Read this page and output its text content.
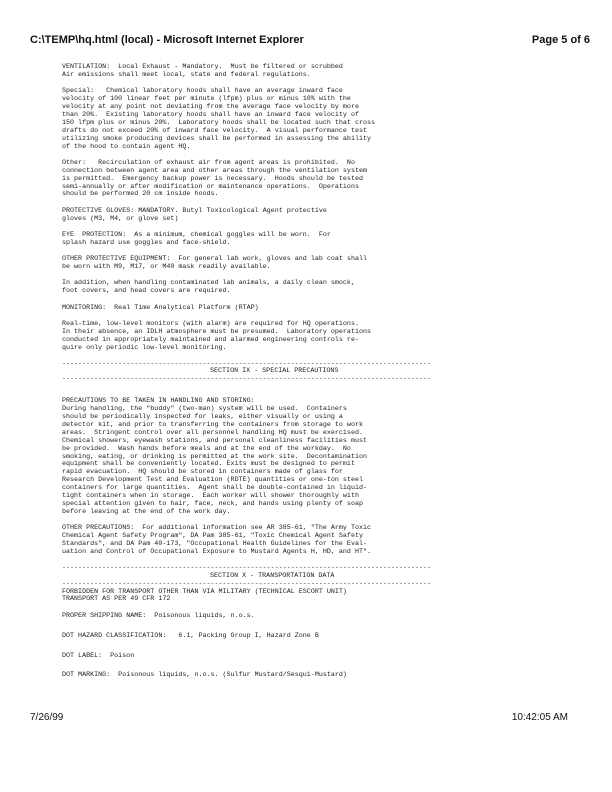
C:\TEMP\hq.html (local) - Microsoft Internet Explorer	Page 5 of 6

VENTILATION:  Local Exhaust - Mandatory.  Must be filtered or scrubbed
Air emissions shall meet local, state and federal regulations.

Special:   Chemical laboratory hoods shall have an average inward face
velocity of 100 linear feet per minute (lfpm) plus or minus 10% with the
velocity at any point not deviating from the average face velocity by more
than 20%.  Existing laboratory hoods shall have an inward face velocity of
150 lfpm plus or minus 20%.  Laboratory hoods shall be located such that cross
drafts do not exceed 20% of inward face velocity.  A visual performance test
utilizing smoke producing devices shall be performed in assessing the ability
of the hood to contain agent HQ.

Other:   Recirculation of exhaust air from agent areas is prohibited.  No
connection between agent area and other areas through the ventilation system
is permitted.  Emergency backup power is necessary.  Hoods should be tested
semi-annually or after modification or maintenance operations.  Operations
should be performed 20 cm inside hoods.

PROTECTIVE GLOVES: MANDATORY. Butyl Toxicological Agent protective
gloves (M3, M4, or glove set)

EYE  PROTECTION:  As a minimum, chemical goggles will be worn.  For
splash hazard use goggles and face-shield.

OTHER PROTECTIVE EQUIPMENT:  For general lab work, gloves and lab coat shall
be worn with M9, M17, or M40 mask readily available.

In addition, when handling contaminated lab animals, a daily clean smock,
foot covers, and head covers are required.

MONITORING:  Real Time Analytical Platform (RTAP)

Real-time, low-level monitors (with alarm) are required for HQ operations.
In their absence, an IDLH atmosphere must be presumed.  Laboratory operations
conducted in appropriately maintained and alarmed engineering controls re-
quire only periodic low-level monitoring.

--------------------------------------------------------------------------------------------
SECTION IX - SPECIAL PRECAUTIONS
--------------------------------------------------------------------------------------------

PRECAUTIONS TO BE TAKEN IN HANDLING AND STORING:
During handling, the "buddy" (two-man) system will be used.  Containers
should be periodically inspected for leaks, either visually or using a
detector kit, and prior to transferring the containers from storage to work
areas.  Stringent control over all personnel handling HQ must be exercised.
Chemical showers, eyewash stations, and personal cleanliness facilities must
be provided.  Wash hands before meals and at the end of the workday.  No
smoking, eating, or drinking is permitted at the work site.  Decontamination
equipment shall be conveniently located. Exits must be designed to permit
rapid evacuation.  HQ should be stored in containers made of glass for
Research Development Test and Evaluation (RDTE) quantities or one-ton steel
containers for large quantities.  Agent shall be double-contained in liquid-
tight containers when in storage.  Each worker will shower thoroughly with
special attention given to hair, face, neck, and hands using plenty of soap
before leaving at the end of the work day.

OTHER PRECAUTIONS:  For additional information see AR 385-61, "The Army Toxic
Chemical Agent Safety Program", DA Pam 385-61, "Toxic Chemical Agent Safety
Standards", and DA Pam 40-173, "Occupational Health Guidelines for the Eval-
uation and Control of Occupational Exposure to Mustard Agents H, HD, and HT".

--------------------------------------------------------------------------------------------
SECTION X - TRANSPORTATION DATA
--------------------------------------------------------------------------------------------

FORBIDDEN FOR TRANSPORT OTHER THAN VIA MILITARY (TECHNICAL ESCORT UNIT)
TRANSPORT AS PER 49 CFR 172

PROPER SHIPPING NAME:  Poisonous liquids, n.o.s.

DOT HAZARD CLASSIFICATION:   6.1, Packing Group I, Hazard Zone B

DOT LABEL:  Poison

DOT MARKING:  Poisonous liquids, n.o.s. (Sulfur Mustard/Sesqui-Mustard)

7/26/99	10:42:05 AM
